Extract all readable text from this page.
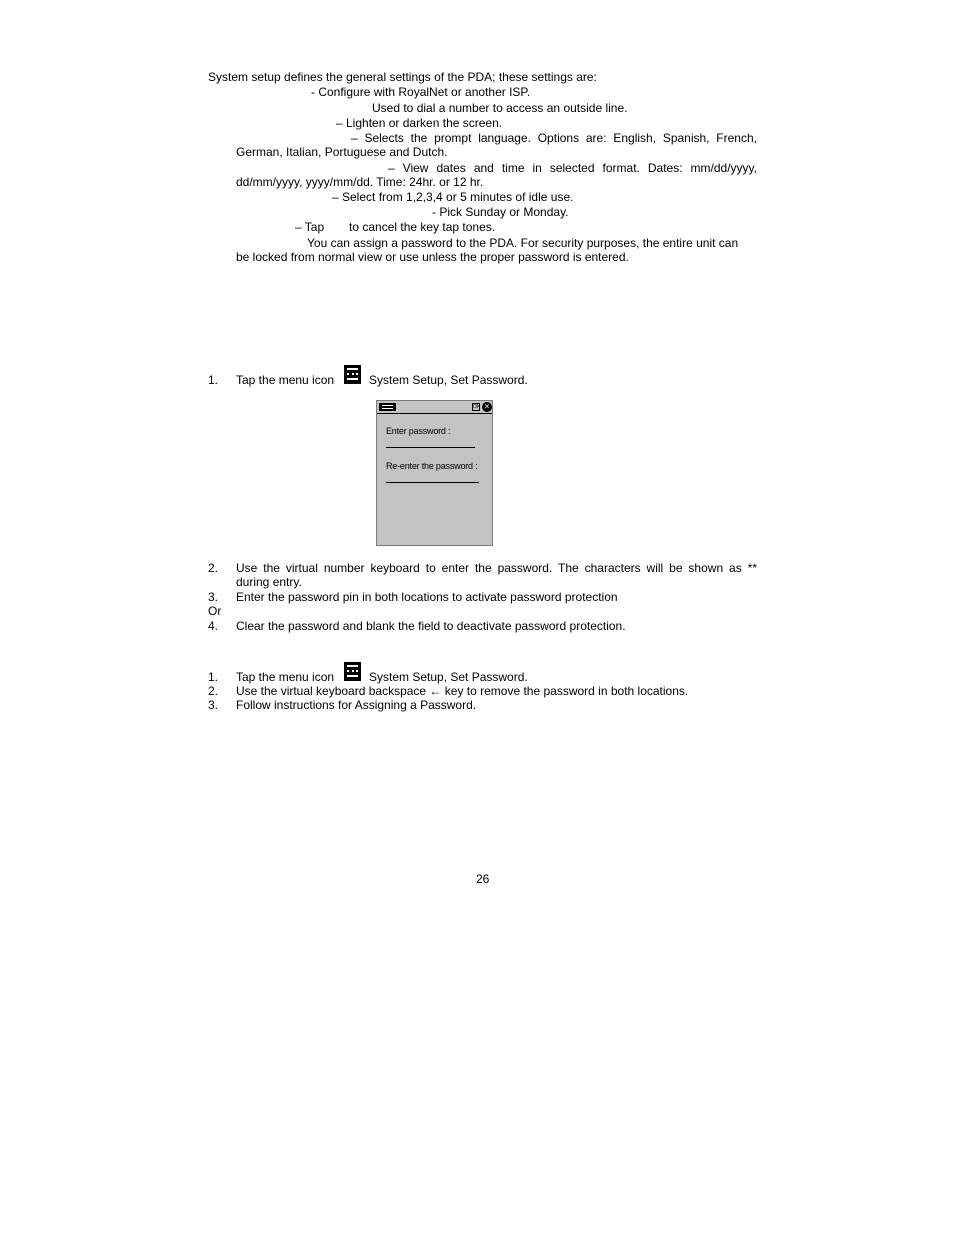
System setup defines the general settings of the PDA; these settings are:
- Configure with RoyalNet or another ISP.
Used to dial a number to access an outside line.
– Lighten or darken the screen.
– Selects the prompt language. Options are: English, Spanish, French,
German, Italian, Portuguese and Dutch.
– View dates and time in selected format. Dates: mm/dd/yyyy,
dd/mm/yyyy, yyyy/mm/dd. Time: 24hr. or 12 hr.
– Select from 1,2,3,4 or 5 minutes of idle use.
- Pick Sunday or Monday.
– Tap to cancel the key tap tones.
You can assign a password to the PDA. For security purposes, the entire unit can
be locked from normal view or use unless the proper password is entered.
1. Tap the menu icon	System Setup, Set Password.
OK ×
Enter password :
Re-enter the password :
2. Use the virtual number keyboard to enter the password. The characters will be shown as **
during entry.
3. Enter the password pin in both locations to activate password protection
Or
4. Clear the password and blank the field to deactivate password protection.
1. Tap the menu icon	System Setup, Set Password.
2. Use the virtual keyboard backspace ← key to remove the password in both locations.
3. Follow instructions for Assigning a Password.
26
